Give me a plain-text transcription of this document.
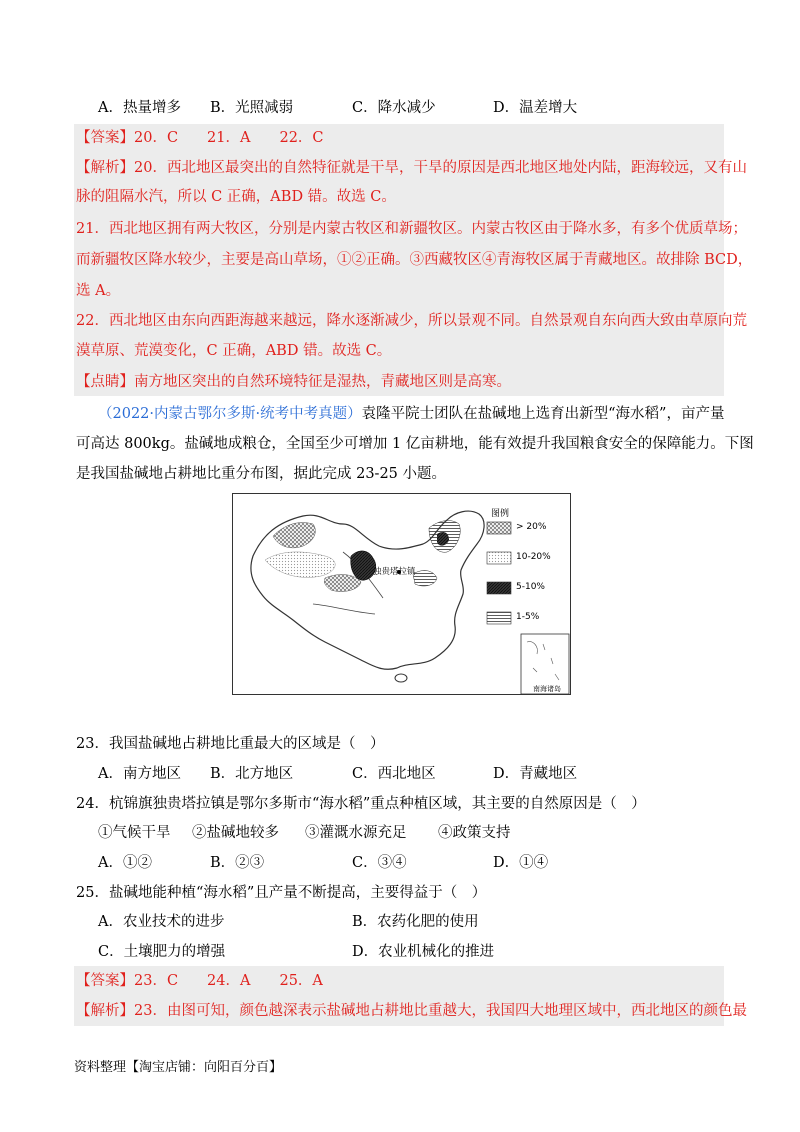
A．热量增多 B．光照减弱	C．降水减少	D．温差增大
【答案】20．C　　21．A　　22．C
【解析】20．西北地区最突出的自然特征就是干旱，干旱的原因是西北地区地处内陆，距海较远，又有山
脉的阻隔水汽，所以 C 正确，ABD 错。故选 C。
21．西北地区拥有两大牧区，分别是内蒙古牧区和新疆牧区。内蒙古牧区由于降水多，有多个优质草场；
而新疆牧区降水较少，主要是高山草场，①②正确。③西藏牧区④青海牧区属于青藏地区。故排除 BCD，
选 A。
22．西北地区由东向西距海越来越远，降水逐渐减少，所以景观不同。自然景观自东向西大致由草原向荒
漠草原、荒漠变化，C 正确，ABD 错。故选 C。
【点睛】南方地区突出的自然环境特征是湿热，青藏地区则是高寒。
（2022·内蒙古鄂尔多斯·统考中考真题）袁隆平院士团队在盐碱地上选育出新型“海水稻”，亩产量
可高达 800kg。盐碱地成粮仓，全国至少可增加 1 亿亩耕地，能有效提升我国粮食安全的保障能力。下图
是我国盐碱地占耕地比重分布图，据此完成 23-25 小题。
独贵塔拉镇
图例
> 20%
10-20%
5-10%
1-5%
南海诸岛
23．我国盐碱地占耕地比重最大的区域是（　）
A．南方地区 B．北方地区	C．西北地区	D．青藏地区
24．杭锦旗独贵塔拉镇是鄂尔多斯市“海水稻”重点种植区域，其主要的自然原因是（　）
①气候干旱 ②盐碱地较多 ③灌溉水源充足 ④政策支持
A．①②	B．②③	C．③④	D．①④
25．盐碱地能种植“海水稻”且产量不断提高，主要得益于（　）
A．农业技术的进步	B．农药化肥的使用
C．土壤肥力的增强	D．农业机械化的推进
【答案】23．C　　24．A　　25．A
【解析】23．由图可知，颜色越深表示盐碱地占耕地比重越大，我国四大地理区域中，西北地区的颜色最
资料整理【淘宝店铺：向阳百分百】
